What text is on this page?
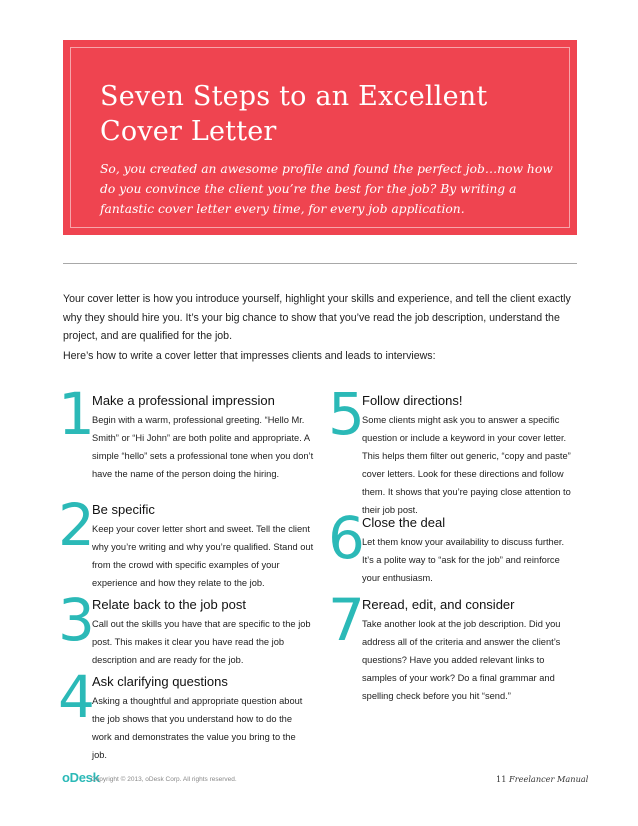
Seven Steps to an Excellent Cover Letter

So, you created an awesome profile and found the perfect job…now how do you convince the client you’re the best for the job? By writing a fantastic cover letter every time, for every job application.

Your cover letter is how you introduce yourself, highlight your skills and experience, and tell the client exactly why they should hire you. It’s your big chance to show that you’ve read the job description, understand the project, and are qualified for the job.

Here’s how to write a cover letter that impresses clients and leads to interviews:

1
Make a professional impression
Begin with a warm, professional greeting. “Hello Mr. Smith” or “Hi John” are both polite and appropriate. A simple “hello” sets a professional tone when you don’t have the name of the person doing the hiring.
2
Be specific
Keep your cover letter short and sweet. Tell the client why you’re writing and why you’re qualified. Stand out from the crowd with specific examples of your experience and how they relate to the job.
3
Relate back to the job post
Call out the skills you have that are specific to the job post. This makes it clear you have read the job description and are ready for the job.
4
Ask clarifying questions
Asking a thoughtful and appropriate question about the job shows that you understand how to do the work and demonstrates the value you bring to the job.
5
Follow directions!
Some clients might ask you to answer a specific question or include a keyword in your cover letter. This helps them filter out generic, “copy and paste” cover letters. Look for these directions and follow them. It shows that you’re paying close attention to their job post.
6
Close the deal
Let them know your availability to discuss further. It’s a polite way to “ask for the job” and reinforce your enthusiasm.
7
Reread, edit, and consider
Take another look at the job description. Did you address all of the criteria and answer the client’s questions? Have you added relevant links to samples of your work? Do a final grammar and spelling check before you hit “send.”
oDesk
Copyright © 2013, oDesk Corp. All rights reserved.	11 Freelancer Manual
